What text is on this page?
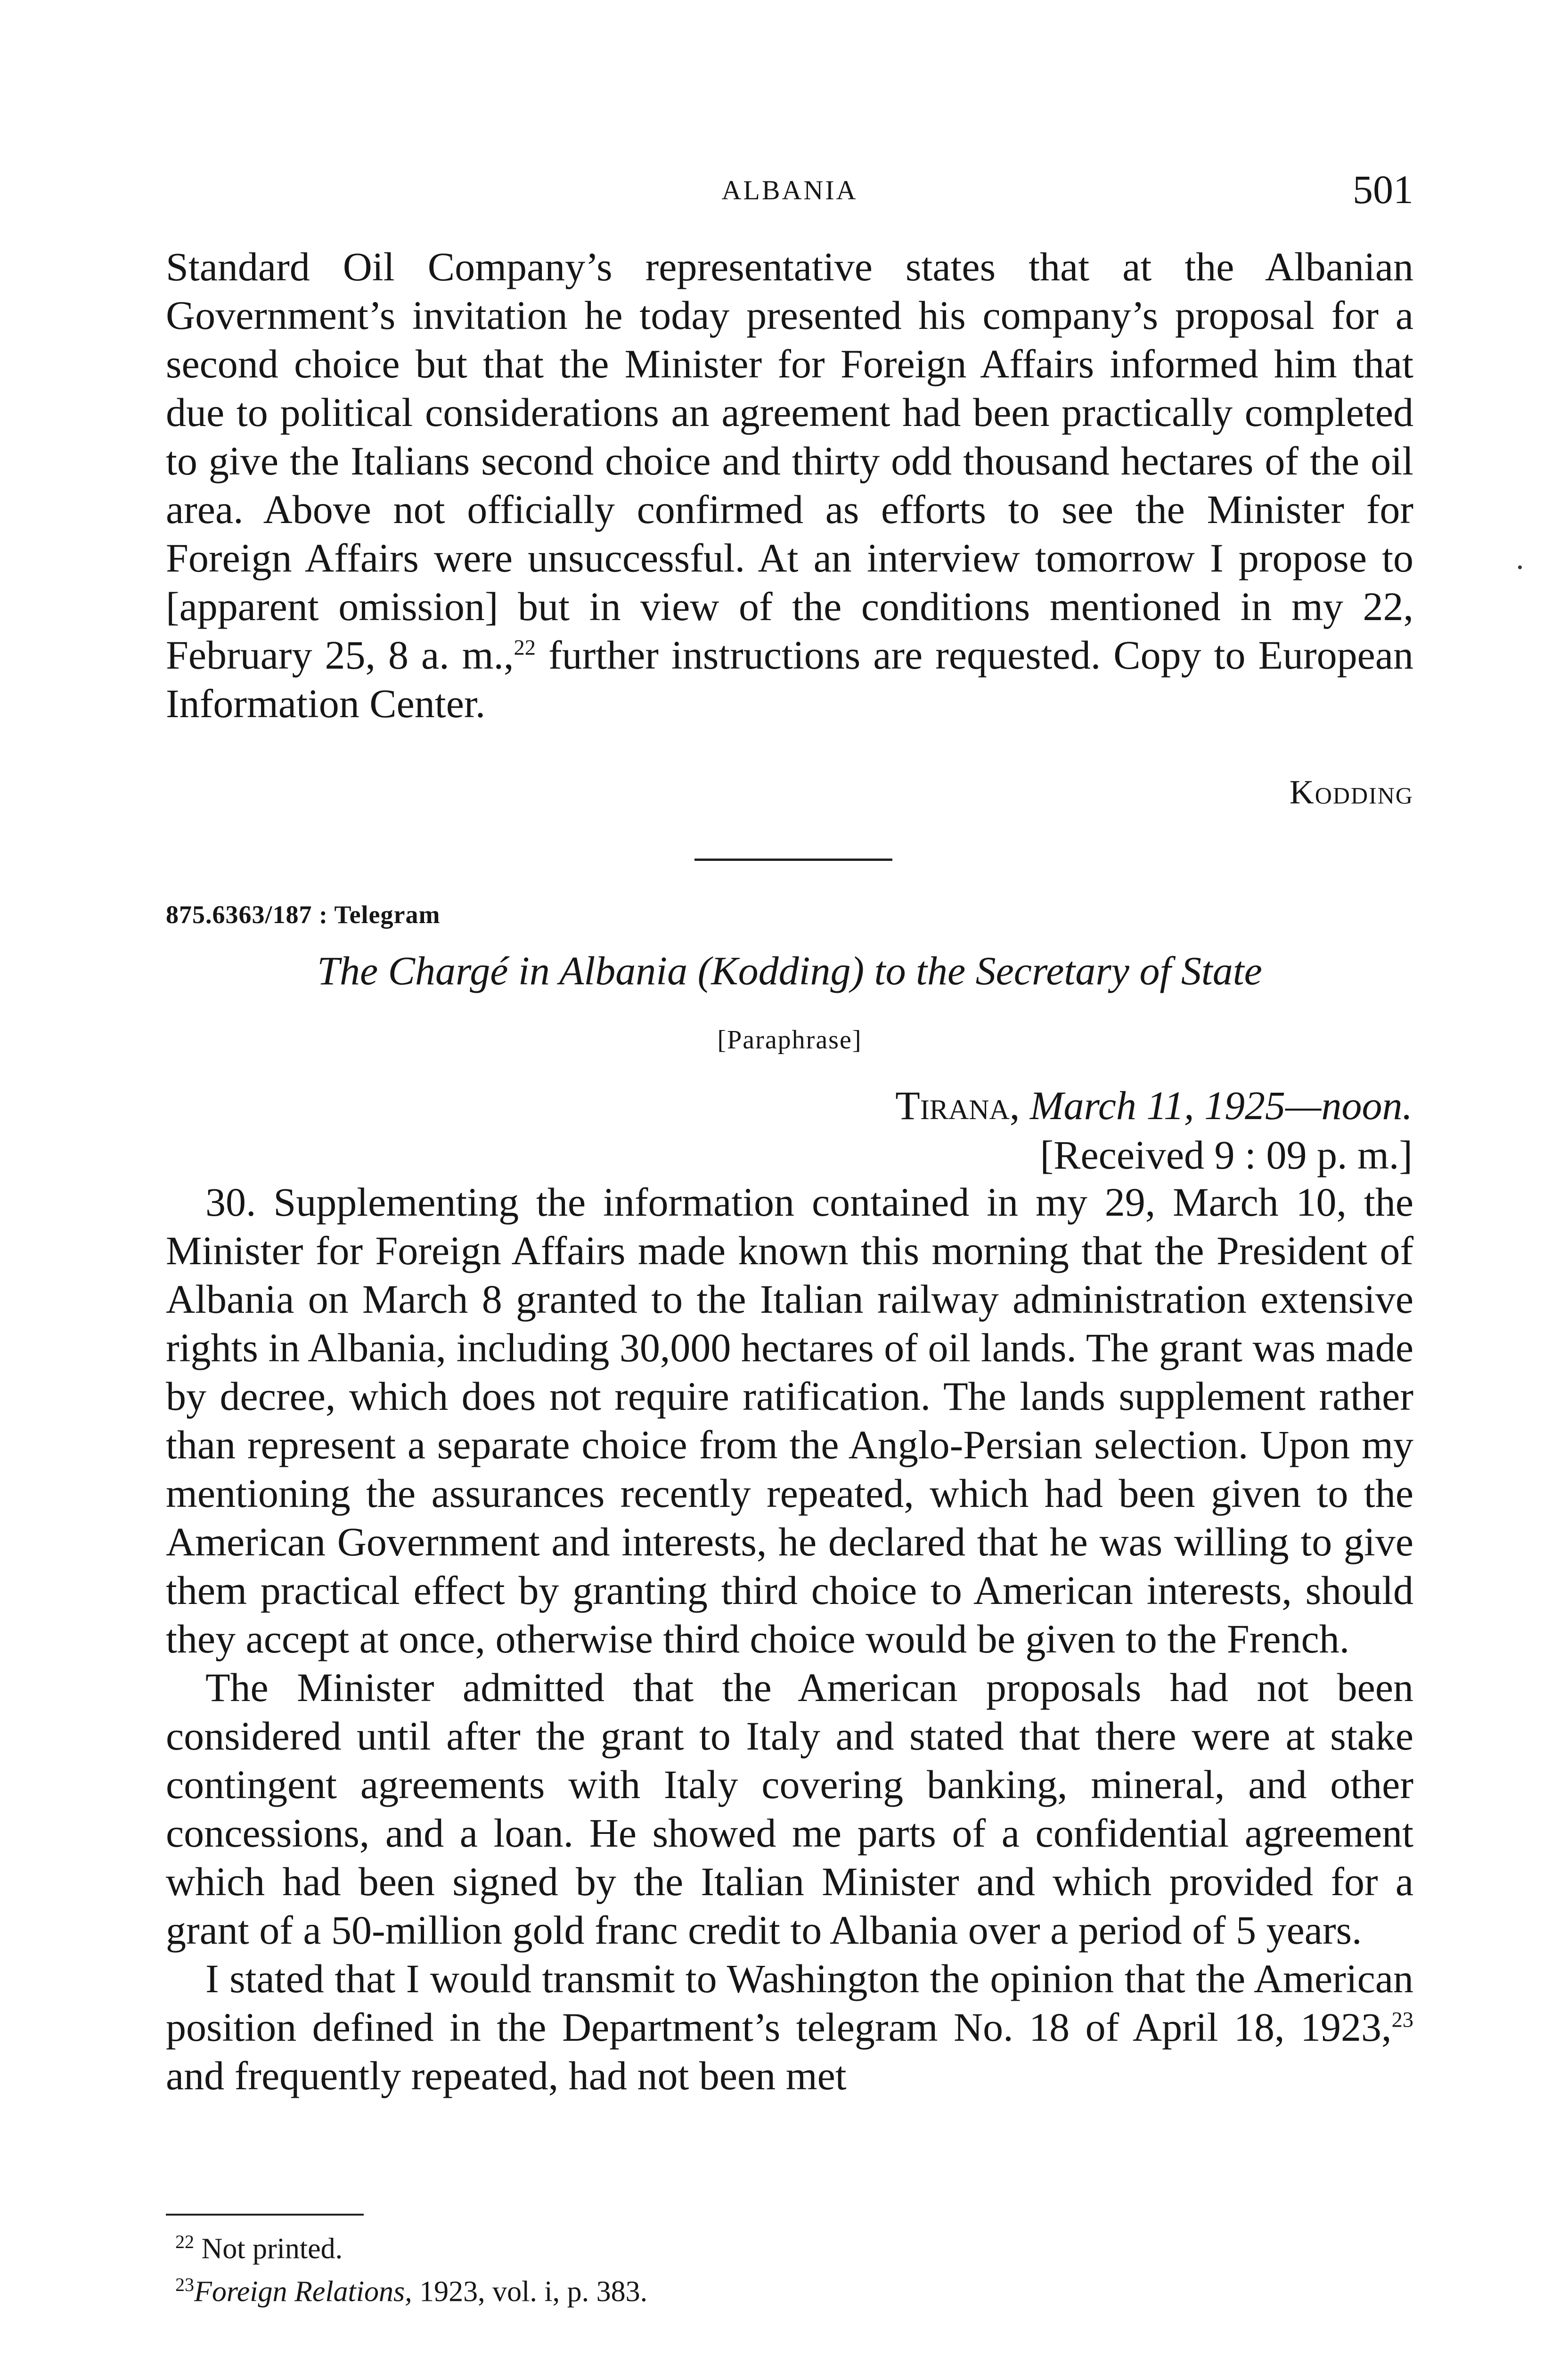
ALBANIA	501

Standard Oil Company’s representative states that at the Albanian Government’s invitation he today presented his company’s proposal for a second choice but that the Minister for Foreign Affairs informed him that due to political considerations an agreement had been practically completed to give the Italians second choice and thirty odd thousand hectares of the oil area. Above not officially confirmed as efforts to see the Minister for Foreign Affairs were unsuccessful. At an interview tomorrow I propose to [apparent omission] but in view of the conditions mentioned in my 22, February 25, 8 a. m.,$^{22}$ further instructions are requested. Copy to European Information Center.

Kodding
875.6363/187 : Telegram
The Chargé in Albania (Kodding) to the Secretary of State
[Paraphrase]
Tirana, March 11, 1925—noon.
[Received 9 : 09 p. m.]

30. Supplementing the information contained in my 29, March 10, the Minister for Foreign Affairs made known this morning that the President of Albania on March 8 granted to the Italian railway administration extensive rights in Albania, including 30,000 hectares of oil lands. The grant was made by decree, which does not require ratification. The lands supplement rather than represent a separate choice from the Anglo-Persian selection. Upon my mentioning the assurances recently repeated, which had been given to the American Government and interests, he declared that he was willing to give them practical effect by granting third choice to American interests, should they accept at once, otherwise third choice would be given to the French.

The Minister admitted that the American proposals had not been considered until after the grant to Italy and stated that there were at stake contingent agreements with Italy covering banking, mineral, and other concessions, and a loan. He showed me parts of a confidential agreement which had been signed by the Italian Minister and which provided for a grant of a 50-million gold franc credit to Albania over a period of 5 years.

I stated that I would transmit to Washington the opinion that the American position defined in the Department’s telegram No. 18 of April 18, 1923,23 and frequently repeated, had not been met

$^{22}$ Not printed.
$^{23}$Foreign Relations, 1923, vol. i, p. 383.
